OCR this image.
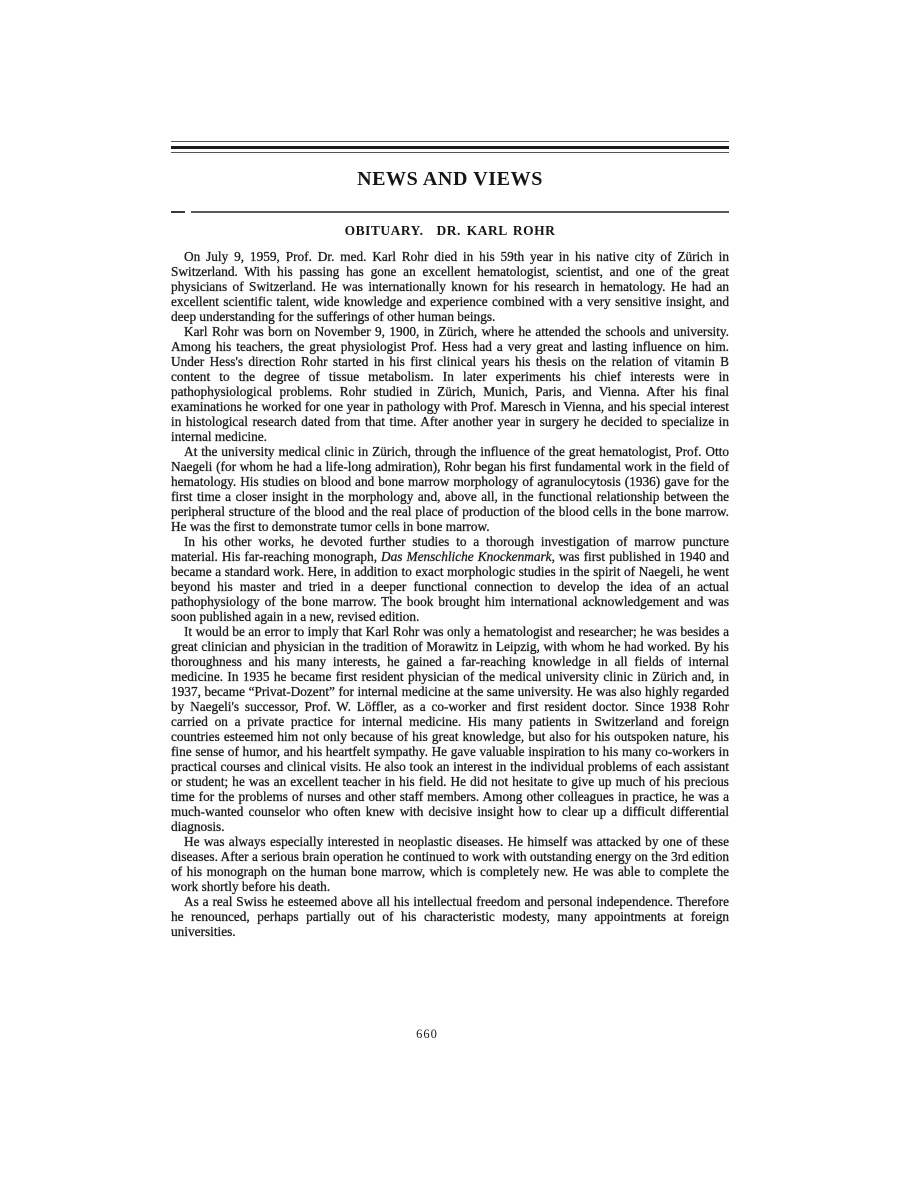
NEWS AND VIEWS
OBITUARY. DR. KARL ROHR

On July 9, 1959, Prof. Dr. med. Karl Rohr died in his 59th year in his native city of Zürich in Switzerland. With his passing has gone an excellent hematologist, scientist, and one of the great physicians of Switzerland. He was internationally known for his research in hematology. He had an excellent scientific talent, wide knowledge and experience combined with a very sensitive insight, and deep understanding for the sufferings of other human beings.

Karl Rohr was born on November 9, 1900, in Zürich, where he attended the schools and university. Among his teachers, the great physiologist Prof. Hess had a very great and lasting influence on him. Under Hess's direction Rohr started in his first clinical years his thesis on the relation of vitamin B content to the degree of tissue metabolism. In later experiments his chief interests were in pathophysiological problems. Rohr studied in Zürich, Munich, Paris, and Vienna. After his final examinations he worked for one year in pathology with Prof. Maresch in Vienna, and his special interest in histological research dated from that time. After another year in surgery he decided to specialize in internal medicine.

At the university medical clinic in Zürich, through the influence of the great hematologist, Prof. Otto Naegeli (for whom he had a life-long admiration), Rohr began his first fundamental work in the field of hematology. His studies on blood and bone marrow morphology of agranulocytosis (1936) gave for the first time a closer insight in the morphology and, above all, in the functional relationship between the peripheral structure of the blood and the real place of production of the blood cells in the bone marrow. He was the first to demonstrate tumor cells in bone marrow.

In his other works, he devoted further studies to a thorough investigation of marrow puncture material. His far-reaching monograph, Das Menschliche Knockenmark, was first published in 1940 and became a standard work. Here, in addition to exact morphologic studies in the spirit of Naegeli, he went beyond his master and tried in a deeper functional connection to develop the idea of an actual pathophysiology of the bone marrow. The book brought him international acknowledgement and was soon published again in a new, revised edition.

It would be an error to imply that Karl Rohr was only a hematologist and researcher; he was besides a great clinician and physician in the tradition of Morawitz in Leipzig, with whom he had worked. By his thoroughness and his many interests, he gained a far-reaching knowledge in all fields of internal medicine. In 1935 he became first resident physician of the medical university clinic in Zürich and, in 1937, became “Privat-Dozent” for internal medicine at the same university. He was also highly regarded by Naegeli's successor, Prof. W. Löffler, as a co-worker and first resident doctor. Since 1938 Rohr carried on a private practice for internal medicine. His many patients in Switzerland and foreign countries esteemed him not only because of his great knowledge, but also for his outspoken nature, his fine sense of humor, and his heartfelt sympathy. He gave valuable inspiration to his many co-workers in practical courses and clinical visits. He also took an interest in the individual problems of each assistant or student; he was an excellent teacher in his field. He did not hesitate to give up much of his precious time for the problems of nurses and other staff members. Among other colleagues in practice, he was a much-wanted counselor who often knew with decisive insight how to clear up a difficult differential diagnosis.

He was always especially interested in neoplastic diseases. He himself was attacked by one of these diseases. After a serious brain operation he continued to work with outstanding energy on the 3rd edition of his monograph on the human bone marrow, which is completely new. He was able to complete the work shortly before his death.

As a real Swiss he esteemed above all his intellectual freedom and personal independence. Therefore he renounced, perhaps partially out of his characteristic modesty, many appointments at foreign universities.

660
